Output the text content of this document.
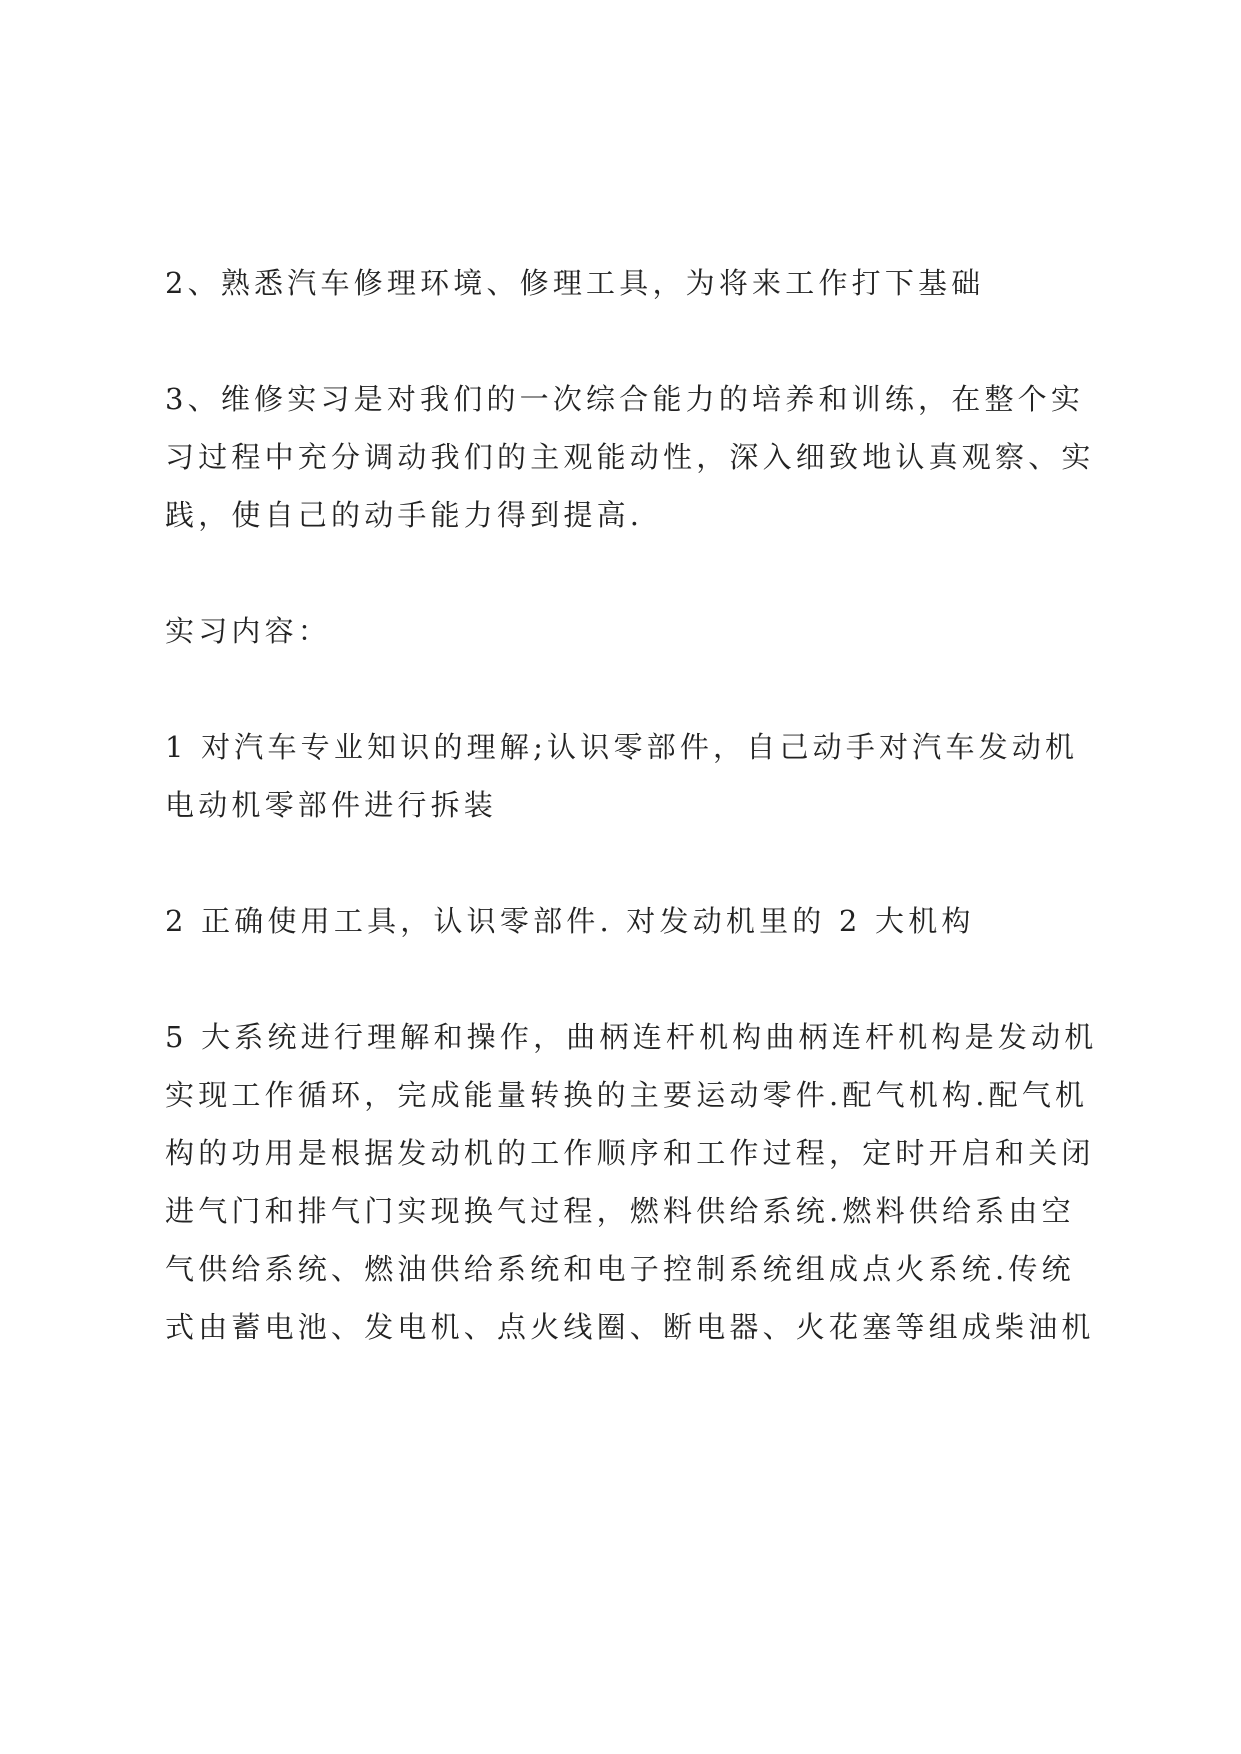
2、熟悉汽车修理环境、修理工具，为将来工作打下基础

3、维修实习是对我们的一次综合能力的培养和训练，在整个实
习过程中充分调动我们的主观能动性，深入细致地认真观察、实
践，使自己的动手能力得到提高.

实习内容：

1 对汽车专业知识的理解;认识零部件，自己动手对汽车发动机
电动机零部件进行拆装

2 正确使用工具，认识零部件. 对发动机里的 2 大机构

5 大系统进行理解和操作，曲柄连杆机构曲柄连杆机构是发动机
实现工作循环，完成能量转换的主要运动零件.配气机构.配气机
构的功用是根据发动机的工作顺序和工作过程，定时开启和关闭
进气门和排气门实现换气过程，燃料供给系统.燃料供给系由空
气供给系统、燃油供给系统和电子控制系统组成点火系统.传统
式由蓄电池、发电机、点火线圈、断电器、火花塞等组成柴油机
